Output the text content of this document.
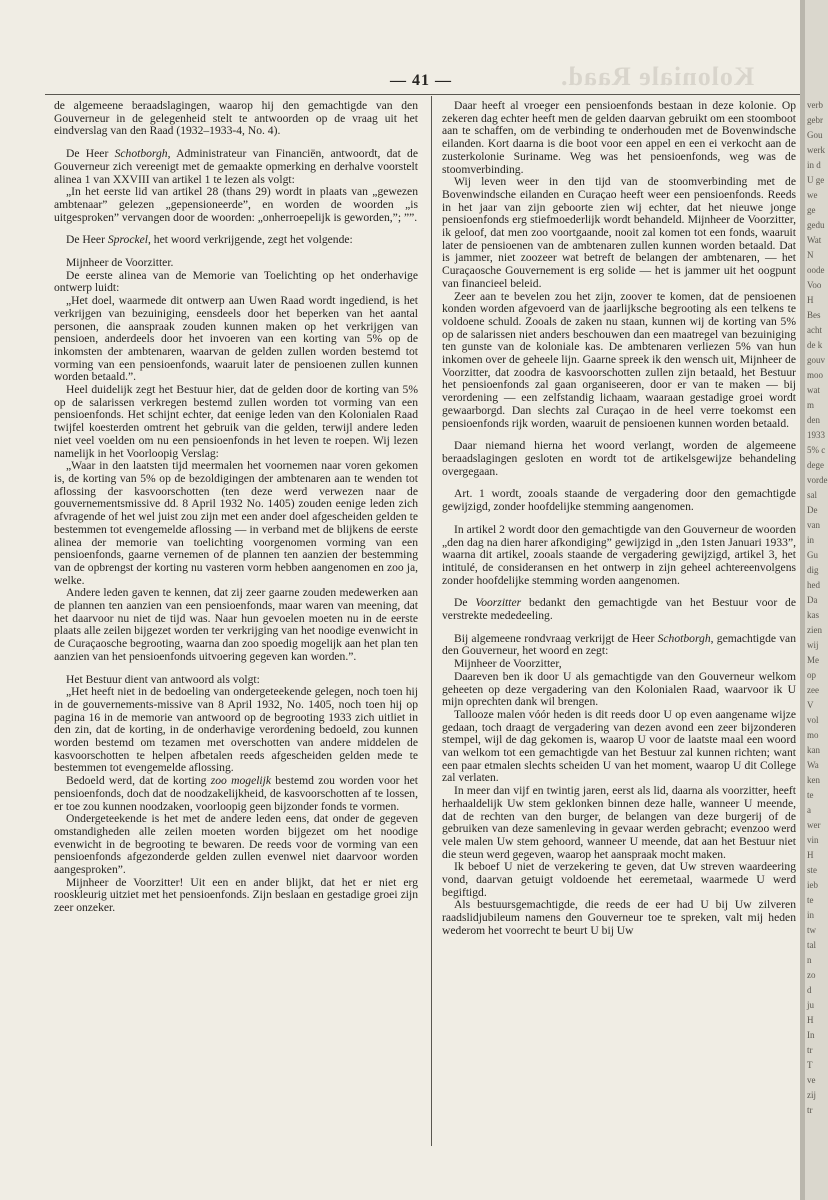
Koloniale Raad.
— 41 —

de algemeene beraadslagingen, waarop hij den gemachtigde van den Gouverneur in de gelegenheid stelt te antwoorden op de vraag uit het eindverslag van den Raad (1932–1933-4, No. 4).

De Heer Schotborgh, Administrateur van Financiën, antwoordt, dat de Gouverneur zich vereenigt met de gemaakte opmerking en derhalve voorstelt alinea 1 van XXVIII van artikel 1 te lezen als volgt:

„In het eerste lid van artikel 28 (thans 29) wordt in plaats van „gewezen ambtenaar” gelezen „gepensioneerde”, en worden de woorden „is uitgesproken” vervangen door de woorden: „onherroepelijk is geworden,”; ””.

De Heer Sprockel, het woord verkrijgende, zegt het volgende:

Mijnheer de Voorzitter.

De eerste alinea van de Memorie van Toelichting op het onderhavige ontwerp luidt:

„Het doel, waarmede dit ontwerp aan Uwen Raad wordt ingediend, is het verkrijgen van bezuiniging, eensdeels door het beperken van het aantal personen, die aanspraak zouden kunnen maken op het verkrijgen van pensioen, anderdeels door het invoeren van een korting van 5% op de inkomsten der ambtenaren, waarvan de gelden zullen worden bestemd tot vorming van een pensioenfonds, waaruit later de pensioenen zullen kunnen worden betaald.”.

Heel duidelijk zegt het Bestuur hier, dat de gelden door de korting van 5% op de salarissen verkregen bestemd zullen worden tot vorming van een pensioenfonds. Het schijnt echter, dat eenige leden van den Kolonialen Raad twijfel koesterden omtrent het gebruik van die gelden, terwijl andere leden niet veel voelden om nu een pensioenfonds in het leven te roepen. Wij lezen namelijk in het Voorloopig Verslag:

„Waar in den laatsten tijd meermalen het voornemen naar voren gekomen is, de korting van 5% op de bezoldigingen der ambtenaren aan te wenden tot aflossing der kasvoorschotten (ten deze werd verwezen naar de gouvernementsmissive dd. 8 April 1932 No. 1405) zouden eenige leden zich afvragende of het wel juist zou zijn met een ander doel afgescheiden gelden te bestemmen tot evengemelde aflossing — in verband met de blijkens de eerste alinea der memorie van toelichting voorgenomen vorming van een pensioenfonds, gaarne vernemen of de plannen ten aanzien der bestemming van de opbrengst der korting nu vasteren vorm hebben aangenomen en zoo ja, welke.

Andere leden gaven te kennen, dat zij zeer gaarne zouden medewerken aan de plannen ten aanzien van een pensioenfonds, maar waren van meening, dat het daarvoor nu niet de tijd was. Naar hun gevoelen moeten nu in de eerste plaats alle zeilen bijgezet worden ter verkrijging van het noodige evenwicht in de Curaçaosche begrooting, waarna dan zoo spoedig mogelijk aan het plan ten aanzien van het pensioenfonds uitvoering gegeven kan worden.”.

Het Bestuur dient van antwoord als volgt:

„Het heeft niet in de bedoeling van ondergeteekende gelegen, noch toen hij in de gouvernements-missive van 8 April 1932, No. 1405, noch toen hij op pagina 16 in de memorie van antwoord op de begrooting 1933 zich uitliet in den zin, dat de korting, in de onderhavige verordening bedoeld, zou kunnen worden bestemd om tezamen met overschotten van andere middelen de kasvoorschotten te helpen afbetalen reeds afgescheiden gelden mede te bestemmen tot evengemelde aflossing.

Bedoeld werd, dat de korting zoo mogelijk bestemd zou worden voor het pensioenfonds, doch dat de noodzakelijkheid, de kasvoorschotten af te lossen, er toe zou kunnen noodzaken, voorloopig geen bijzonder fonds te vormen.

Ondergeteekende is het met de andere leden eens, dat onder de gegeven omstandigheden alle zeilen moeten worden bijgezet om het noodige evenwicht in de begrooting te bewaren. De reeds voor de vorming van een pensioenfonds afgezonderde gelden zullen evenwel niet daarvoor worden aangesproken”.

Mijnheer de Voorzitter! Uit een en ander blijkt, dat het er niet erg rooskleurig uitziet met het pensioenfonds. Zijn beslaan en gestadige groei zijn zeer onzeker.

Daar heeft al vroeger een pensioenfonds bestaan in deze kolonie. Op zekeren dag echter heeft men de gelden daarvan gebruikt om een stoomboot aan te schaffen, om de verbinding te onderhouden met de Bovenwindsche eilanden. Kort daarna is die boot voor een appel en een ei verkocht aan de zusterkolonie Suriname. Weg was het pensioenfonds, weg was de stoomverbinding.

Wij leven weer in den tijd van de stoomverbinding met de Bovenwindsche eilanden en Curaçao heeft weer een pensioenfonds. Reeds in het jaar van zijn geboorte zien wij echter, dat het nieuwe jongе pensioenfonds erg stiefmoederlijk wordt behandeld. Mijnheer de Voorzitter, ik geloof, dat men zoo voortgaande, nooit zal komen tot een fonds, waaruit later de pensioenen van de ambtenaren zullen kunnen worden betaald. Dat is jammer, niet zoozeer wat betreft de belangen der ambtenaren, — het Curaçaosche Gouvernement is erg solide — het is jammer uit het oogpunt van financieel beleid.

Zeer aan te bevelen zou het zijn, zoover te komen, dat de pensioenen konden worden afgevoerd van de jaarlijksche begrooting als een telkens te voldoene schuld. Zooals de zaken nu staan, kunnen wij de korting van 5% op de salarissen niet anders beschouwen dan een maatregel van bezuiniging ten gunste van de koloniale kas. De ambtenaren verliezen 5% van hun inkomen over de geheele lijn. Gaarne spreek ik den wensch uit, Mijnheer de Voorzitter, dat zoodra de kasvoorschotten zullen zijn betaald, het Bestuur het pensioenfonds zal gaan organiseeren, door er van te maken — bij verordening — een zelfstandig lichaam, waaraan gestadige groei wordt gewaarborgd. Dan slechts zal Curaçao in de heel verre toekomst een pensioenfonds rijk worden, waaruit de pensioenen kunnen worden betaald.

Daar niemand hierna het woord verlangt, worden de algemeene beraadslagingen gesloten en wordt tot de artikelsgewijze behandeling overgegaan.

Art. 1 wordt, zooals staande de vergadering door den gemachtigde gewijzigd, zonder hoofdelijke stemming aangenomen.

In artikel 2 wordt door den gemachtigde van den Gouverneur de woorden „den dag na dien harer afkondiging” gewijzigd in „den 1sten Januari 1933”, waarna dit artikel, zooals staande de vergadering gewijzigd, artikel 3, het intitulé, de consideransen en het ontwerp in zijn geheel achtereenvolgens zonder hoofdelijke stemming worden aangenomen.

De Voorzitter bedankt den gemachtigde van het Bestuur voor de verstrekte mededeeling.

Bij algemeene rondvraag verkrijgt de Heer Schotborgh, gemachtigde van den Gouverneur, het woord en zegt:

Mijnheer de Voorzitter,

Daareven ben ik door U als gemachtigde van den Gouverneur welkom geheeten op deze vergadering van den Kolonialen Raad, waarvoor ik U mijn oprechten dank wil brengen.

Tallooze malen vóór heden is dit reeds door U op even aangename wijze gedaan, toch draagt de vergadering van dezen avond een zeer bijzonderen stempel, wijl de dag gekomen is, waarop U voor de laatste maal een woord van welkom tot een gemachtigde van het Bestuur zal kunnen richten; want een paar etmalen slechts scheiden U van het moment, waarop U dit College zal verlaten.

In meer dan vijf en twintig jaren, eerst als lid, daarna als voorzitter, heeft herhaaldelijk Uw stem geklonken binnen deze halle, wanneer U meende, dat de rechten van den burger, de belangen van deze burgerij of de gebruiken van deze samenleving in gevaar werden gebracht; evenzoo werd vele malen Uw stem gehoord, wanneer U meende, dat aan het Bestuur niet die steun werd gegeven, waarop het aanspraak mocht maken.

Ik beboef U niet de verzekering te geven, dat Uw streven waardeering vond, daarvan getuigt voldoende het eeremetaal, waarmede U werd begiftigd.

Als bestuursgemachtigde, die reeds de eer had U bij Uw zilveren raadslidjubileum namens den Gouverneur toe te spreken, valt mij heden wederom het voorrecht te beurt U bij Uw

verb
gebr
Gou
werk
in d
U ge
we
ge
gedu
Wat
N
oode
Voo
H
Bes
acht
de k
gouv
moo
wat
m
den
1933
5% c
dege
vorde
sal
De
van
in
Gu
dig
hed
Da
kas
zien
wij
Me
op
zee
V
vol
mo
kan
Wa
ken
te
a
wer
vin
H
ste
ieb
te
in
tw
tal
n
zo
d
ju
H
In
tr
T
ve
zij
tr
